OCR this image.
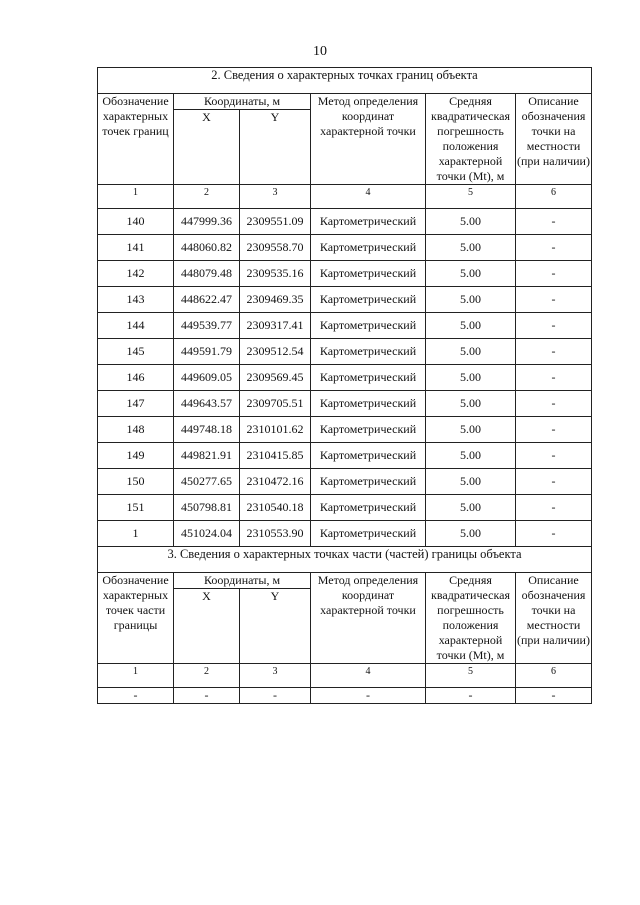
10
2. Сведения о характерных точках границ объекта					
Обозначение характерных точек границ	Координаты, м		Метод определения координат характерной точки	Средняя квадратическая погрешность положения характерной точки (Mt), м	Описание обозначения точки на местности (при наличии)
	X	Y			
1	2	3	4	5	6
140	447999.36	2309551.09	Картометрический	5.00	-
141	448060.82	2309558.70	Картометрический	5.00	-
142	448079.48	2309535.16	Картометрический	5.00	-
143	448622.47	2309469.35	Картометрический	5.00	-
144	449539.77	2309317.41	Картометрический	5.00	-
145	449591.79	2309512.54	Картометрический	5.00	-
146	449609.05	2309569.45	Картометрический	5.00	-
147	449643.57	2309705.51	Картометрический	5.00	-
148	449748.18	2310101.62	Картометрический	5.00	-
149	449821.91	2310415.85	Картометрический	5.00	-
150	450277.65	2310472.16	Картометрический	5.00	-
151	450798.81	2310540.18	Картометрический	5.00	-
1	451024.04	2310553.90	Картометрический	5.00	-
3. Сведения о характерных точках части (частей) границы объекта					
Обозначение характерных точек части границы	Координаты, м		Метод определения координат характерной точки	Средняя квадратическая погрешность положения характерной точки (Mt), м	Описание обозначения точки на местности (при наличии)
	X	Y			
1	2	3	4	5	6
-	-	-	-	-	-
